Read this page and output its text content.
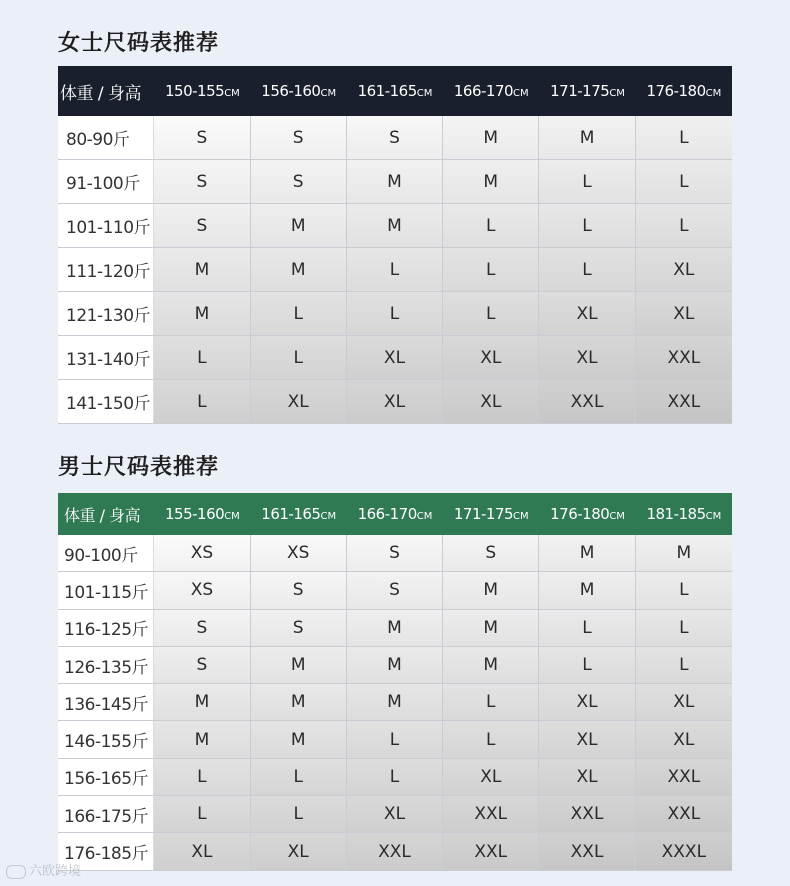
女士尺码表推荐
体重 / 身高	150-155CM	156-160CM	161-165CM	166-170CM	171-175CM	176-180CM
80-90斤	S	S	S	M	M	L
91-100斤	S	S	M	M	L	L
101-110斤	S	M	M	L	L	L
111-120斤	M	M	L	L	L	XL
121-130斤	M	L	L	L	XL	XL
131-140斤	L	L	XL	XL	XL	XXL
141-150斤	L	XL	XL	XL	XXL	XXL
男士尺码表推荐
体重 / 身高	155-160CM	161-165CM	166-170CM	171-175CM	176-180CM	181-185CM
90-100斤	XS	XS	S	S	M	M
101-115斤	XS	S	S	M	M	L
116-125斤	S	S	M	M	L	L
126-135斤	S	M	M	M	L	L
136-145斤	M	M	M	L	XL	XL
146-155斤	M	M	L	L	XL	XL
156-165斤	L	L	L	XL	XL	XXL
166-175斤	L	L	XL	XXL	XXL	XXL
176-185斤	XL	XL	XXL	XXL	XXL	XXXL
六欧跨境
